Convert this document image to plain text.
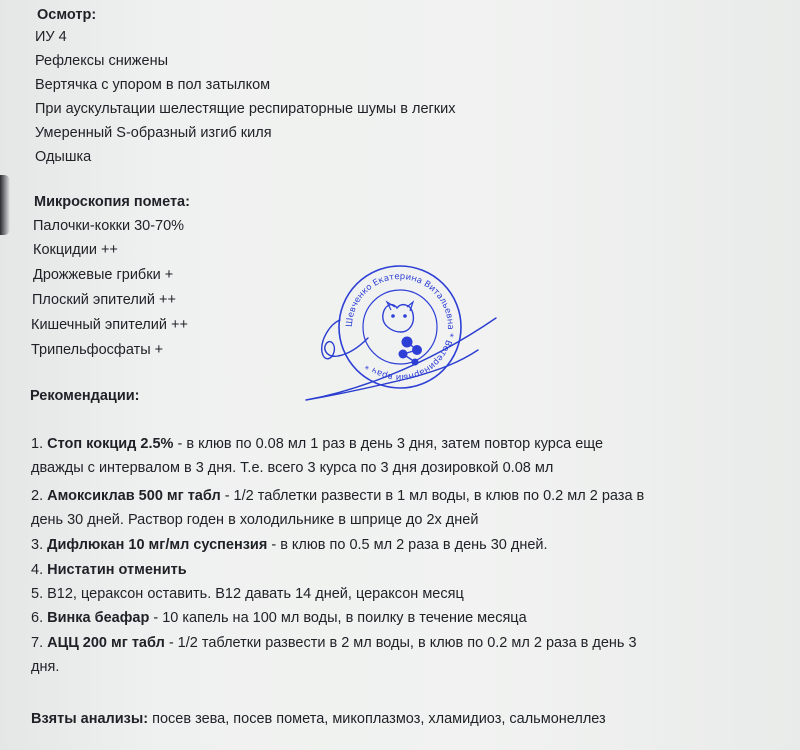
Осмотр:
ИУ 4
Рефлексы снижены
Вертячка с упором в пол затылком
При аускультации шелестящие респираторные шумы в легких
Умеренный S-образный изгиб киля
Одышка
Микроскопия помета:
Палочки-кокки 30-70%
Кокцидии ++
Дрожжевые грибки +
Плоский эпителий ++
Кишечный эпителий ++
Трипельфосфаты +
Рекомендации:
1. Стоп кокцид 2.5% - в клюв по 0.08 мл 1 раз в день 3 дня, затем повтор курса еще
дважды с интервалом в 3 дня. Т.е. всего 3 курса по 3 дня дозировкой 0.08 мл
2. Амоксиклав 500 мг табл - 1/2 таблетки развести в 1 мл воды, в клюв по 0.2 мл 2 раза в
день 30 дней. Раствор годен в холодильнике в шприце до 2х дней
3. Дифлюкан 10 мг/мл суспензия - в клюв по 0.5 мл 2 раза в день 30 дней.
4. Нистатин отменить
5. В12, цераксон оставить. В12 давать 14 дней, цераксон месяц
6. Винка беафар - 10 капель на 100 мл воды, в поилку в течение месяца
7. АЦЦ 200 мг табл - 1/2 таблетки развести в 2 мл воды, в клюв по 0.2 мл 2 раза в день 3
дня.
Взяты анализы: посев зева, посев помета, микоплазмоз, хламидиоз, сальмонеллез
Шевченко Екатерина Витальевна * Ветеринарный врач *
